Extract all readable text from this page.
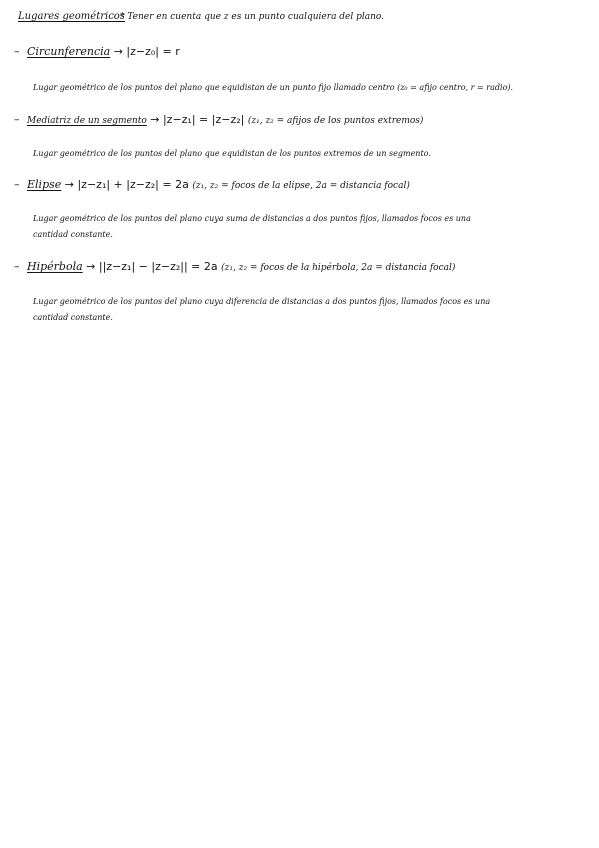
Lugares geométricos
* Tener en cuenta que z es un punto cualquiera del plano.
– Circunferencia → |z−z₀| = r
Lugar geométrico de los puntos del plano que equidistan de un punto fijo llamado centro (z₀ = afijo centro, r = radio).
– Mediatriz de un segmento → |z−z₁| = |z−z₂| (z₁, z₂ = afijos de los puntos extremos)
Lugar geométrico de los puntos del plano que equidistan de los puntos extremos de un segmento.
– Elipse → |z−z₁| + |z−z₂| = 2a (z₁, z₂ = focos de la elipse, 2a = distancia focal)
Lugar geométrico de los puntos del plano cuya suma de distancias a dos puntos fijos, llamados focos es una
cantidad constante.
– Hipérbola → ||z−z₁| − |z−z₂|| = 2a (z₁, z₂ = focos de la hipérbola, 2a = distancia focal)
Lugar geométrico de los puntos del plano cuya diferencia de distancias a dos puntos fijos, llamados focos es una
cantidad constante.
